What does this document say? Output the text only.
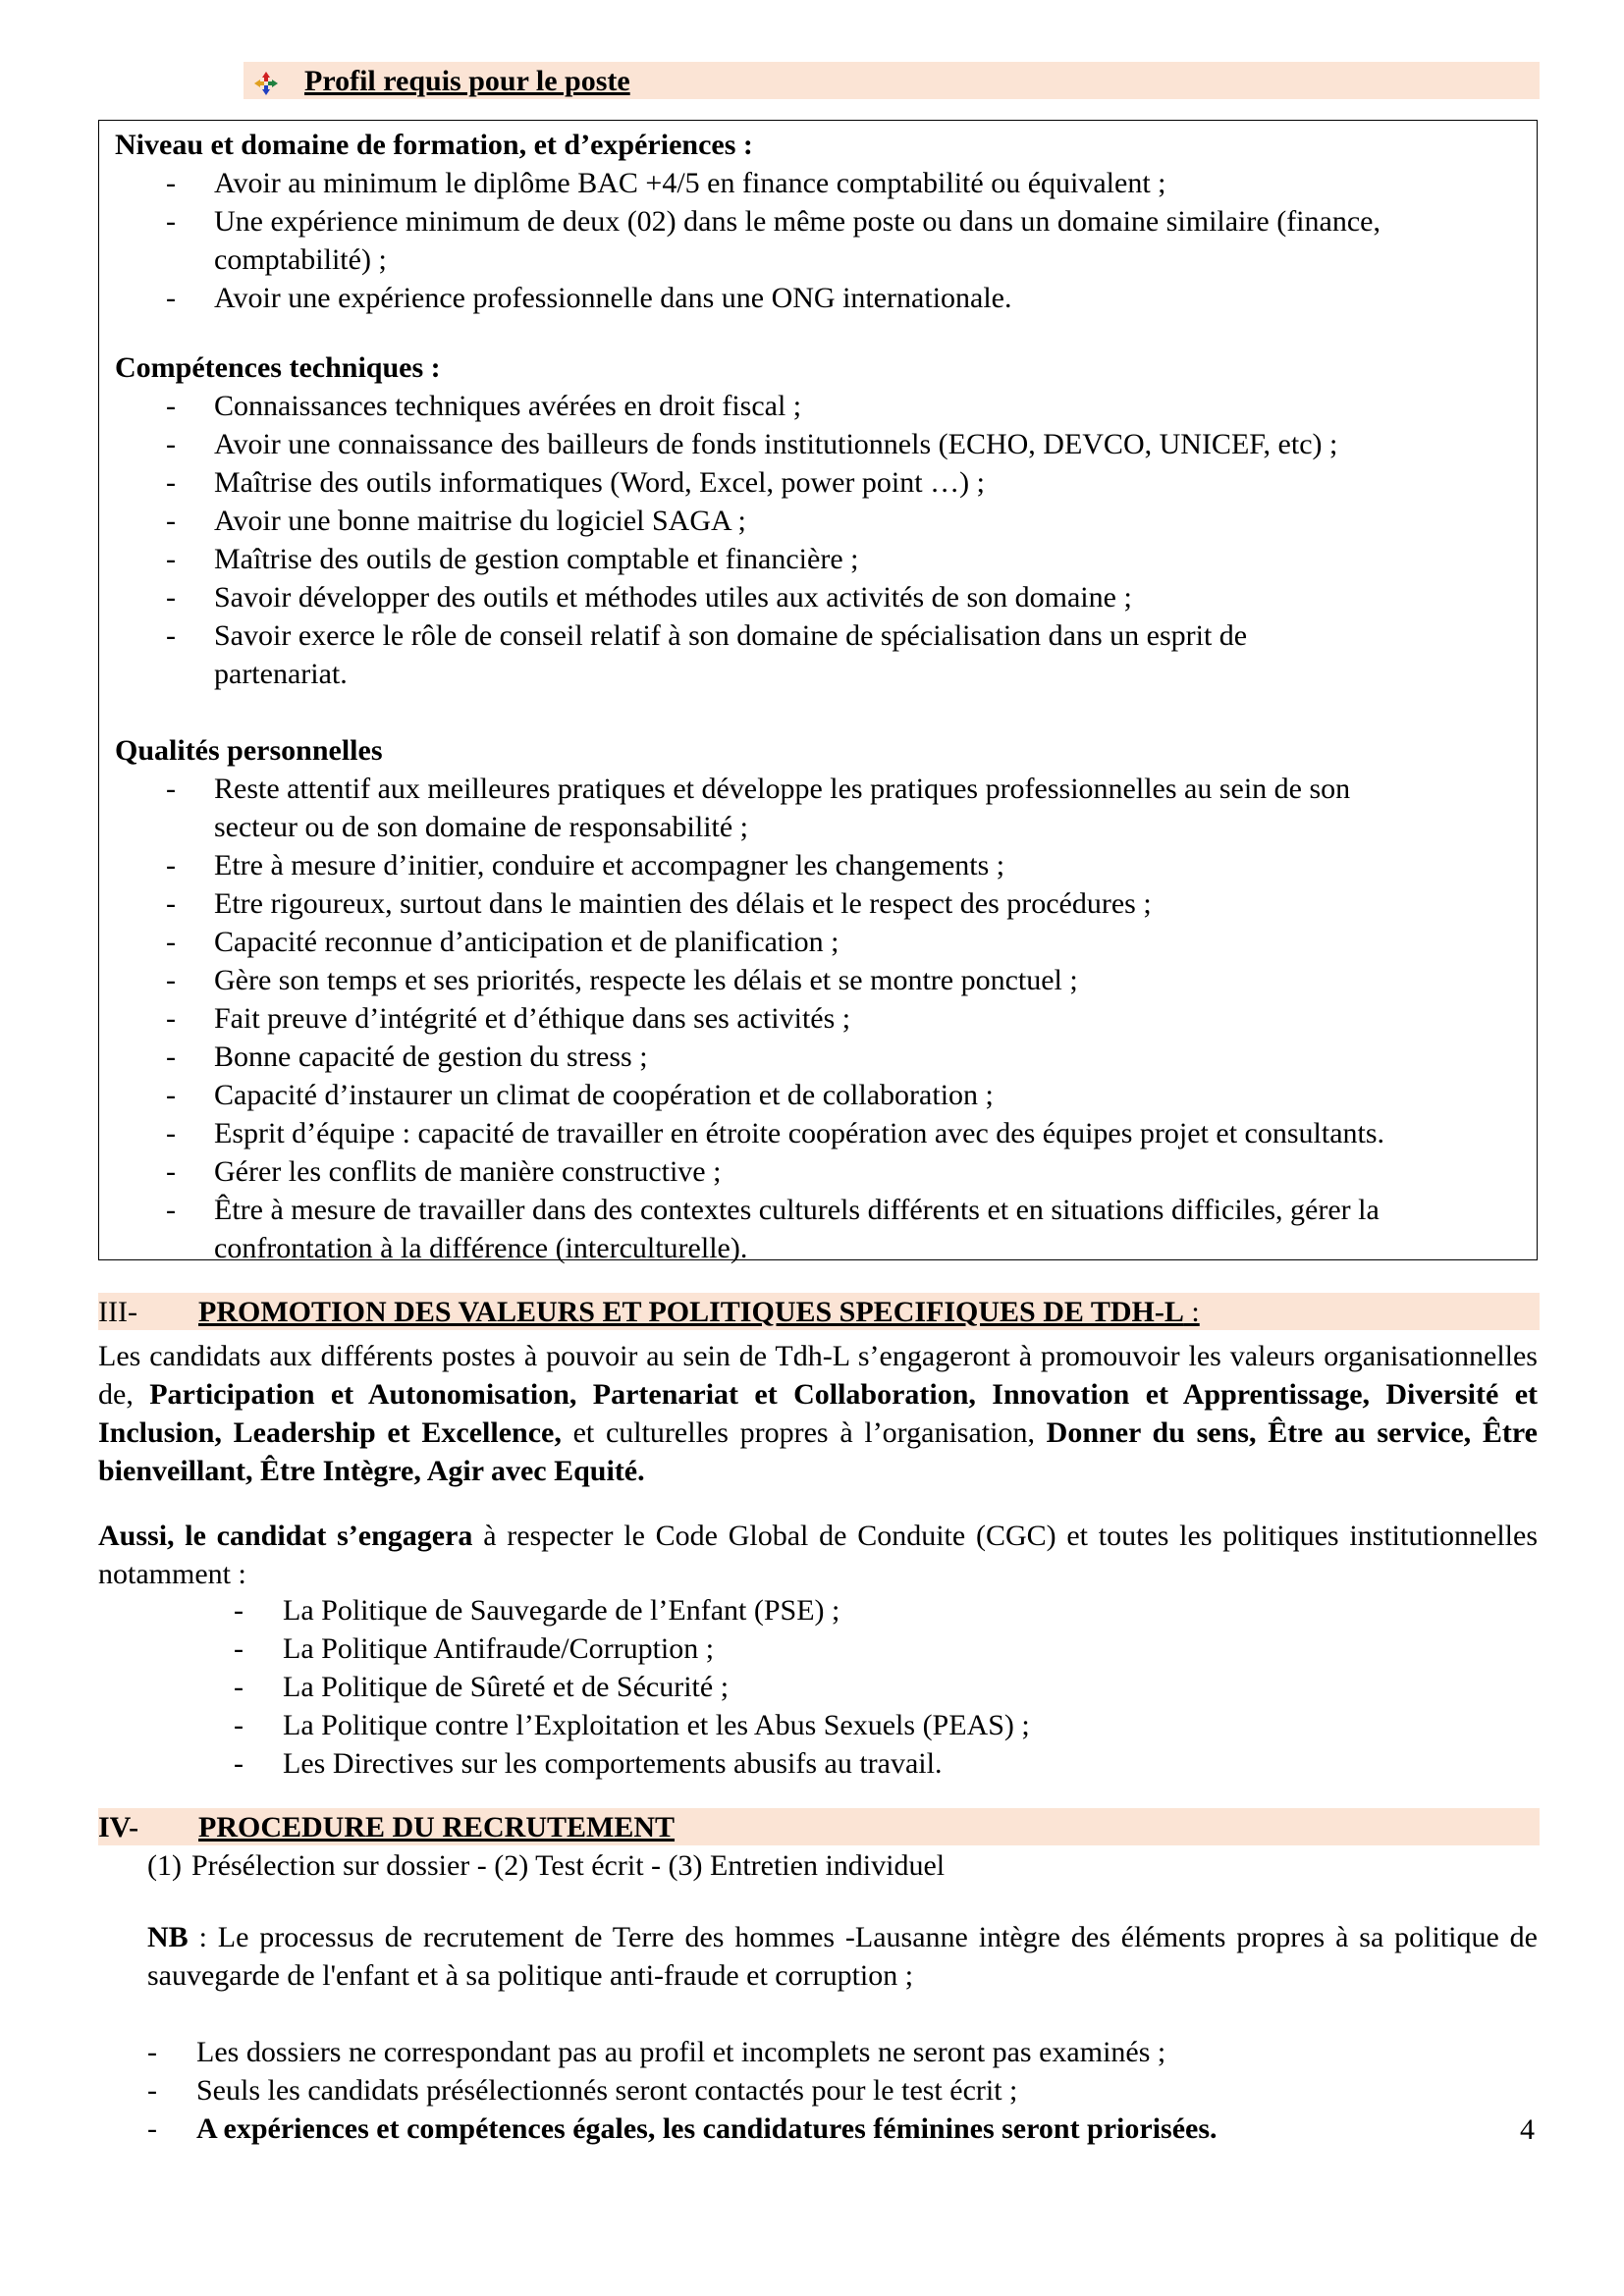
Profil requis pour le poste
Niveau et domaine de formation, et d’expériences :
- Avoir au minimum le diplôme BAC +4/5 en finance comptabilité ou équivalent ;
- Une expérience minimum de deux (02) dans le même poste ou dans un domaine similaire (finance,
comptabilité) ;
- Avoir une expérience professionnelle dans une ONG internationale.
Compétences techniques :
- Connaissances techniques avérées en droit fiscal ;
- Avoir une connaissance des bailleurs de fonds institutionnels (ECHO, DEVCO, UNICEF, etc) ;
- Maîtrise des outils informatiques (Word, Excel, power point …) ;
- Avoir une bonne maitrise du logiciel SAGA ;
- Maîtrise des outils de gestion comptable et financière ;
- Savoir développer des outils et méthodes utiles aux activités de son domaine ;
- Savoir exerce le rôle de conseil relatif à son domaine de spécialisation dans un esprit de
partenariat.
Qualités personnelles
- Reste attentif aux meilleures pratiques et développe les pratiques professionnelles au sein de son
secteur ou de son domaine de responsabilité ;
- Etre à mesure d’initier, conduire et accompagner les changements ;
- Etre rigoureux, surtout dans le maintien des délais et le respect des procédures ;
- Capacité reconnue d’anticipation et de planification ;
- Gère son temps et ses priorités, respecte les délais et se montre ponctuel ;
- Fait preuve d’intégrité et d’éthique dans ses activités ;
- Bonne capacité de gestion du stress ;
- Capacité d’instaurer un climat de coopération et de collaboration ;
- Esprit d’équipe : capacité de travailler en étroite coopération avec des équipes projet et consultants.
- Gérer les conflits de manière constructive ;
- Être à mesure de travailler dans des contextes culturels différents et en situations difficiles, gérer la
confrontation à la différence (interculturelle).
III- PROMOTION DES VALEURS ET POLITIQUES SPECIFIQUES DE TDH-L :
Les candidats aux différents postes à pouvoir au sein de Tdh-L s’engageront à promouvoir les valeurs organisationnelles de, Participation et Autonomisation, Partenariat et Collaboration, Innovation et Apprentissage, Diversité et Inclusion, Leadership et Excellence, et culturelles propres à l’organisation, Donner du sens, Être au service, Être bienveillant, Être Intègre, Agir avec Equité.
Aussi, le candidat s’engagera à respecter le Code Global de Conduite (CGC) et toutes les politiques institutionnelles notamment :
- La Politique de Sauvegarde de l’Enfant (PSE) ;
- La Politique Antifraude/Corruption ;
- La Politique de Sûreté et de Sécurité ;
- La Politique contre l’Exploitation et les Abus Sexuels (PEAS) ;
- Les Directives sur les comportements abusifs au travail.
IV- PROCEDURE DU RECRUTEMENT
(1) Présélection sur dossier - (2) Test écrit - (3) Entretien individuel
NB : Le processus de recrutement de Terre des hommes -Lausanne intègre des éléments propres à sa politique de sauvegarde de l'enfant et à sa politique anti-fraude et corruption ;
- Les dossiers ne correspondant pas au profil et incomplets ne seront pas examinés ;
- Seuls les candidats présélectionnés seront contactés pour le test écrit ;
- A expériences et compétences égales, les candidatures féminines seront priorisées.	4
